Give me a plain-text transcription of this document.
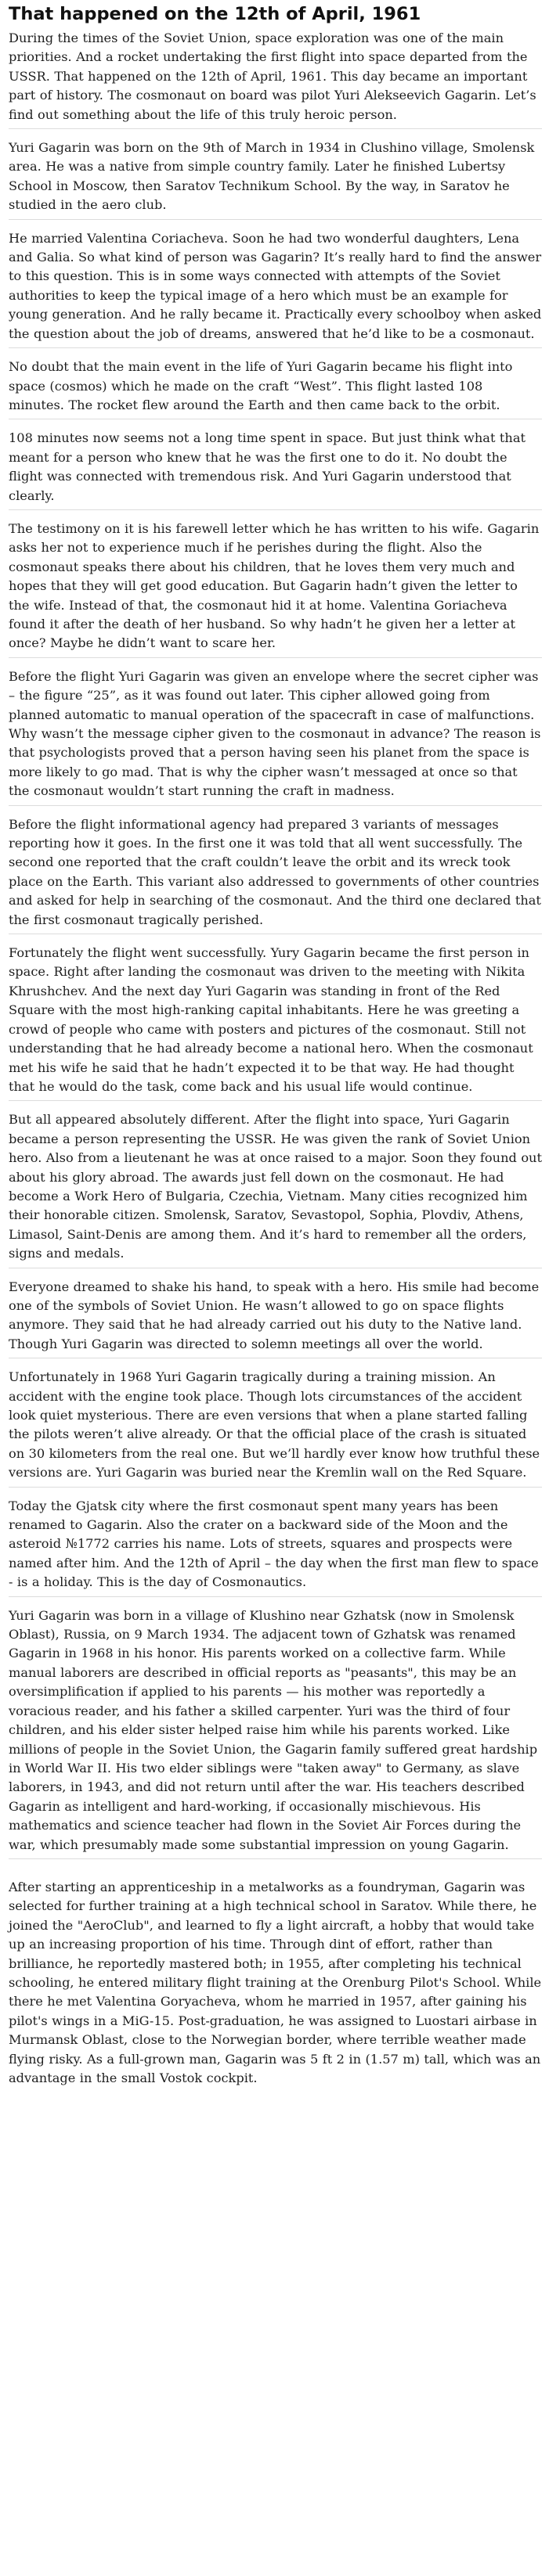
That happened on the 12th of April, 1961

During the times of the Soviet Union, space exploration was one of the main priorities. And a rocket undertaking the first flight into space departed from the USSR. That happened on the 12th of April, 1961. This day became an important part of history. The cosmonaut on board was pilot Yuri Alekseevich Gagarin. Let’s find out something about the life of this truly heroic person.

Yuri Gagarin was born on the 9th of March in 1934 in Clushino village, Smolensk area. He was a native from simple country family. Later he finished Lubertsy School in Moscow, then Saratov Technikum School. By the way, in Saratov he studied in the aero club.

He married Valentina Coriacheva. Soon he had two wonderful daughters, Lena and Galia. So what kind of person was Gagarin? It’s really hard to find the answer to this question. This is in some ways connected with attempts of the Soviet authorities to keep the typical image of a hero which must be an example for young generation. And he rally became it. Practically every schoolboy when asked the question about the job of dreams, answered that he’d like to be a cosmonaut.

No doubt that the main event in the life of Yuri Gagarin became his flight into space (cosmos) which he made on the craft “West”. This flight lasted 108 minutes. The rocket flew around the Earth and then came back to the orbit.

108 minutes now seems not a long time spent in space. But just think what that meant for a person who knew that he was the first one to do it. No doubt the flight was connected with tremendous risk. And Yuri Gagarin understood that clearly.

The testimony on it is his farewell letter which he has written to his wife. Gagarin asks her not to experience much if he perishes during the flight. Also the cosmonaut speaks there about his children, that he loves them very much and hopes that they will get good education. But Gagarin hadn’t given the letter to the wife. Instead of that, the cosmonaut hid it at home. Valentina Goriacheva found it after the death of her husband. So why hadn’t he given her a letter at once? Maybe he didn’t want to scare her.

Before the flight Yuri Gagarin was given an envelope where the secret cipher was – the figure “25”, as it was found out later. This cipher allowed going from planned automatic to manual operation of the spacecraft in case of malfunctions. Why wasn’t the message cipher given to the cosmonaut in advance? The reason is that psychologists proved that a person having seen his planet from the space is more likely to go mad. That is why the cipher wasn’t messaged at once so that the cosmonaut wouldn’t start running the craft in madness.

Before the flight informational agency had prepared 3 variants of messages reporting how it goes. In the first one it was told that all went successfully. The second one reported that the craft couldn’t leave the orbit and its wreck took place on the Earth. This variant also addressed to governments of other countries and asked for help in searching of the cosmonaut. And the third one declared that the first cosmonaut tragically perished.

Fortunately the flight went successfully. Yury Gagarin became the first person in space. Right after landing the cosmonaut was driven to the meeting with Nikita Khrushchev. And the next day Yuri Gagarin was standing in front of the Red Square with the most high-ranking capital inhabitants. Here he was greeting a crowd of people who came with posters and pictures of the cosmonaut. Still not understanding that he had already become a national hero. When the cosmonaut met his wife he said that he hadn’t expected it to be that way. He had thought that he would do the task, come back and his usual life would continue.

But all appeared absolutely different. After the flight into space, Yuri Gagarin became a person representing the USSR. He was given the rank of Soviet Union hero. Also from a lieutenant he was at once raised to a major. Soon they found out about his glory abroad. The awards just fell down on the cosmonaut. He had become a Work Hero of Bulgaria, Czechia, Vietnam. Many cities recognized him their honorable citizen. Smolensk, Saratov, Sevastopol, Sophia, Plovdiv, Athens, Limasol, Saint-Denis are among them. And it’s hard to remember all the orders, signs and medals.

Everyone dreamed to shake his hand, to speak with a hero. His smile had become one of the symbols of Soviet Union. He wasn’t allowed to go on space flights anymore. They said that he had already carried out his duty to the Native land. Though Yuri Gagarin was directed to solemn meetings all over the world.

Unfortunatеly in 1968 Yuri Gagarin tragically during a training mission. An accident with the engine took place. Though lots circumstances of the accident look quiet mysterious. There are even versions that when a plane started falling the pilots weren’t alive already. Or that the official place of the crash is situated on 30 kilometers from the real one. But we’ll hardly ever know how truthful these versions are. Yuri Gagarin was buried near the Kremlin wall on the Red Square.

Today the Gjatsk city where the first cosmonaut spent many years has been renamed to Gagarin. Also the crater on a backward side of the Moon and the asteroid №1772 carries his name. Lots of streets, squares and prospects were named after him. And the 12th of April – the day when the first man flew to space - is a holiday. This is the day of Cosmonautics.

Yuri Gagarin was born in a village of Klushino near Gzhatsk (now in Smolensk Oblast), Russia, on 9 March 1934. The adjacent town of Gzhatsk was renamed Gagarin in 1968 in his honor. His parents worked on a collective farm. While manual laborers are described in official reports as "peasants", this may be an oversimplification if applied to his parents — his mother was reportedly a voracious reader, and his father a skilled carpenter. Yuri was the third of four children, and his elder sister helped raise him while his parents worked. Like millions of people in the Soviet Union, the Gagarin family suffered great hardship in World War II. His two elder siblings were "taken away" to Germany, as slave laborers, in 1943, and did not return until after the war. His teachers described Gagarin as intelligent and hard-working, if occasionally mischievous. His mathematics and science teacher had flown in the Soviet Air Forces during the war, which presumably made some substantial impression on young Gagarin.

After starting an apprenticeship in a metalworks as a foundryman, Gagarin was selected for further training at a high technical school in Saratov. While there, he joined the "AeroClub", and learned to fly a light aircraft, a hobby that would take up an increasing proportion of his time. Through dint of effort, rather than brilliance, he reportedly mastered both; in 1955, after completing his technical schooling, he entered military flight training at the Orenburg Pilot's School. While there he met Valentina Goryacheva, whom he married in 1957, after gaining his pilot's wings in a MiG-15. Post-graduation, he was assigned to Luostari airbase in Murmansk Oblast, close to the Norwegian border, where terrible weather made flying risky. As a full-grown man, Gagarin was 5 ft 2 in (1.57 m) tall, which was an advantage in the small Vostok cockpit.
